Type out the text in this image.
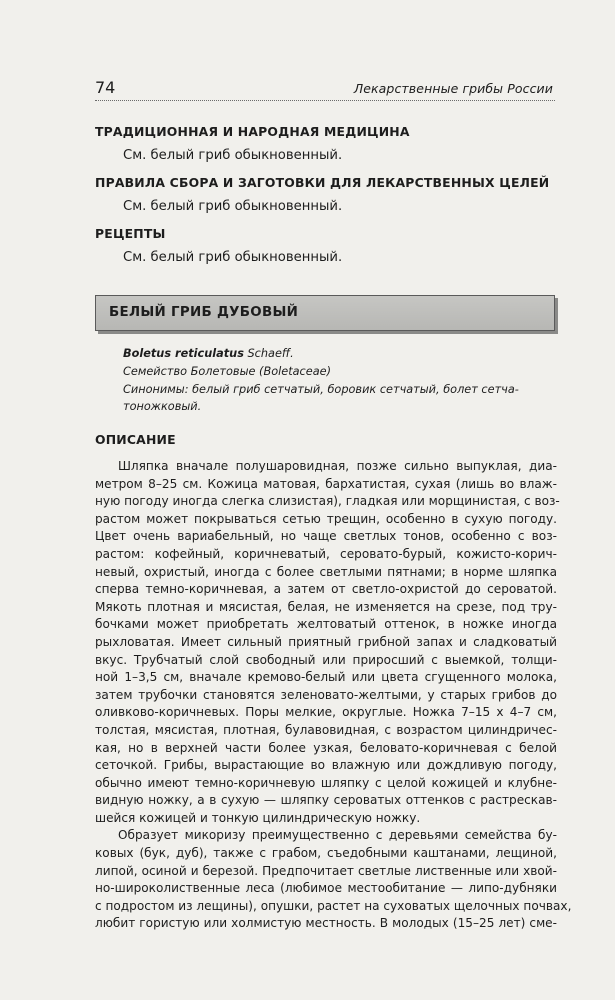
74	Лекарственные грибы России
ТРАДИЦИОННАЯ И НАРОДНАЯ МЕДИЦИНА
См. белый гриб обыкновенный.
ПРАВИЛА СБОРА И ЗАГОТОВКИ ДЛЯ ЛЕКАРСТВЕННЫХ ЦЕЛЕЙ
См. белый гриб обыкновенный.
РЕЦЕПТЫ
См. белый гриб обыкновенный.
БЕЛЫЙ ГРИБ ДУБОВЫЙ
Boletus reticulatus Schaeff.
Семейство Болетовые (Boletaceae)
Синонимы: белый гриб сетчатый, боровик сетчатый, болет сетча-
тоножковый.
ОПИСАНИЕ
Шляпка вначале полушаровидная, позже сильно выпуклая, диа-
метром 8–25 см. Кожица матовая, бархатистая, сухая (лишь во влаж-
ную погоду иногда слегка слизистая), гладкая или морщинистая, с воз-
растом может покрываться сетью трещин, особенно в сухую погоду.
Цвет очень вариабельный, но чаще светлых тонов, особенно с воз-
растом: кофейный, коричневатый, серовато-бурый, кожисто-корич-
невый, охристый, иногда с более светлыми пятнами; в норме шляпка
сперва темно-коричневая, а затем от светло-охристой до сероватой.
Мякоть плотная и мясистая, белая, не изменяется на срезе, под тру-
бочками может приобретать желтоватый оттенок, в ножке иногда
рыхловатая. Имеет сильный приятный грибной запах и сладковатый
вкус. Трубчатый слой свободный или приросший с выемкой, толщи-
ной 1–3,5 см, вначале кремово-белый или цвета сгущенного молока,
затем трубочки становятся зеленовато-желтыми, у старых грибов до
оливково-коричневых. Поры мелкие, округлые. Ножка 7–15 x 4–7 см,
толстая, мясистая, плотная, булавовидная, с возрастом цилиндричес-
кая, но в верхней части более узкая, беловато-коричневая с белой
сеточкой. Грибы, вырастающие во влажную или дождливую погоду,
обычно имеют темно-коричневую шляпку с целой кожицей и клубне-
видную ножку, а в сухую — шляпку сероватых оттенков с растрескав-
шейся кожицей и тонкую цилиндрическую ножку.
Образует микоризу преимущественно с деревьями семейства бу-
ковых (бук, дуб), также с грабом, съедобными каштанами, лещиной,
липой, осиной и березой. Предпочитает светлые лиственные или хвой-
но-широколиственные леса (любимое местообитание — липо-дубняки
с подростом из лещины), опушки, растет на суховатых щелочных почвах,
любит гористую или холмистую местность. В молодых (15–25 лет) сме-
